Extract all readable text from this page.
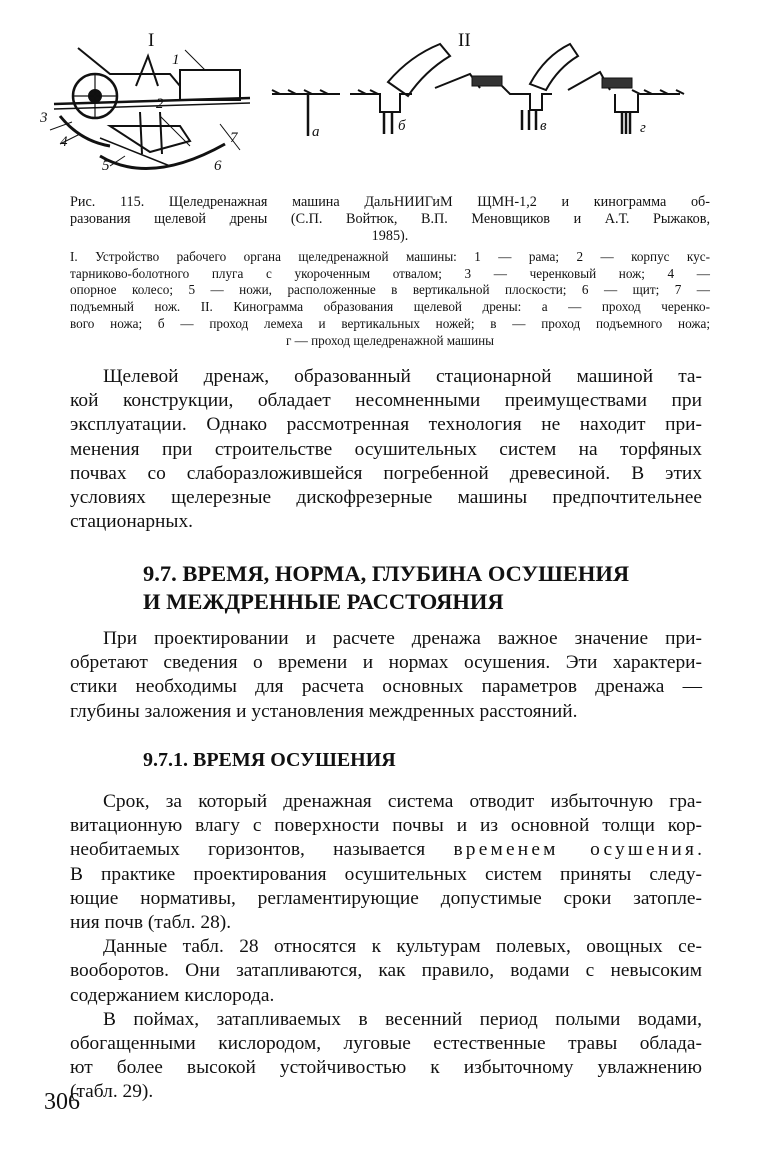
I	II
1
2
3
4
5	6
7	а	б	в	г

Рис. 115. Щеледренажная машина ДальНИИГиМ ЩМН-1,2 и кинограмма об-

разования щелевой дрены (С.П. Войтюк, В.П. Меновщиков и А.Т. Рыжаков,

1985).

I. Устройство рабочего органа щеледренажной машины: 1 — рама; 2 — корпус кус-

тарниково-болотного плуга с укороченным отвалом; 3 — черенковый нож; 4 —

опорное колесо; 5 — ножи, расположенные в вертикальной плоскости; 6 — щит; 7 —

подъемный нож. II. Кинограмма образования щелевой дрены: а — проход черенко-

вого ножа; б — проход лемеха и вертикальных ножей; в — проход подъемного ножа;

г — проход щеледренажной машины

Щелевой дренаж, образованный стационарной машиной та-

кой конструкции, обладает несомненными преимуществами при

эксплуатации. Однако рассмотренная технология не находит при-

менения при строительстве осушительных систем на торфяных

почвах со слаборазложившейся погребенной древесиной. В этих

условиях щелерезные дискофрезерные машины предпочтительнее

стационарных.

9.7. ВРЕМЯ, НОРМА, ГЛУБИНА ОСУШЕНИЯ
И МЕЖДРЕННЫЕ РАССТОЯНИЯ

При проектировании и расчете дренажа важное значение при-

обретают сведения о времени и нормах осушения. Эти характери-

стики необходимы для расчета основных параметров дренажа —

глубины заложения и установления междренных расстояний.

9.7.1. ВРЕМЯ ОСУШЕНИЯ

Срок, за который дренажная система отводит избыточную гра-

витационную влагу с поверхности почвы и из основной толщи кор-

необитаемых горизонтов, называется временем осушения.

В практике проектирования осушительных систем приняты следу-

ющие нормативы, регламентирующие допустимые сроки затопле-

ния почв (табл. 28).

Данные табл. 28 относятся к культурам полевых, овощных се-

вооборотов. Они затапливаются, как правило, водами с невысоким

содержанием кислорода.

В поймах, затапливаемых в весенний период полыми водами,

обогащенными кислородом, луговые естественные травы облада-

ют более высокой устойчивостью к избыточному увлажнению

(табл. 29).

306
